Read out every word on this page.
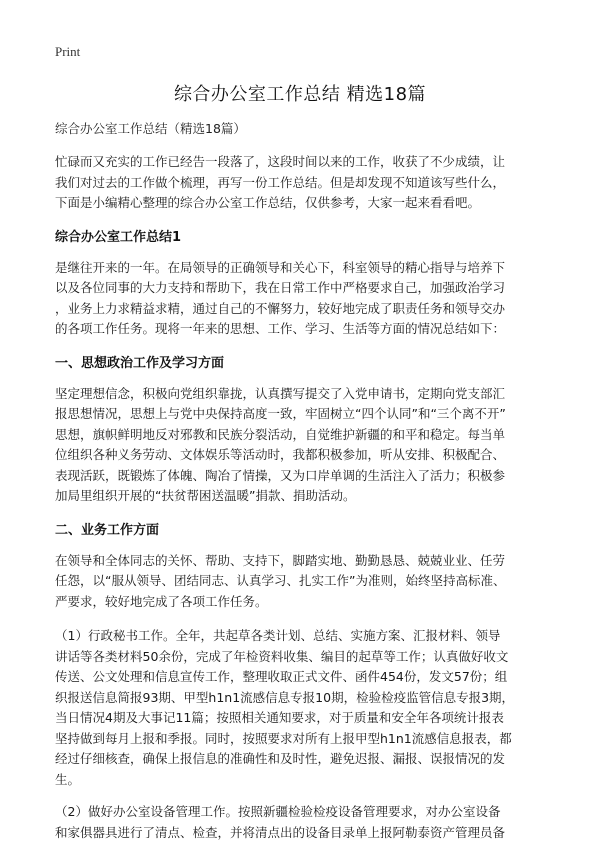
Print
综合办公室工作总结 精选18篇
综合办公室工作总结（精选18篇）
忙碌而又充实的工作已经告一段落了，这段时间以来的工作，收获了不少成绩，让
我们对过去的工作做个梳理，再写一份工作总结。但是却发现不知道该写些什么，
下面是小编精心整理的综合办公室工作总结，仅供参考，大家一起来看看吧。
综合办公室工作总结1
是继往开来的一年。在局领导的正确领导和关心下，科室领导的精心指导与培养下
以及各位同事的大力支持和帮助下，我在日常工作中严格要求自己，加强政治学习
，业务上力求精益求精，通过自己的不懈努力，较好地完成了职责任务和领导交办
的各项工作任务。现将一年来的思想、工作、学习、生活等方面的情况总结如下：
一、思想政治工作及学习方面
坚定理想信念，积极向党组织靠拢，认真撰写提交了入党申请书，定期向党支部汇
报思想情况，思想上与党中央保持高度一致，牢固树立“四个认同”和“三个离不开”
思想，旗帜鲜明地反对邪教和民族分裂活动，自觉维护新疆的和平和稳定。每当单
位组织各种义务劳动、文体娱乐等活动时，我都积极参加，听从安排、积极配合、
表现活跃，既锻炼了体魄、陶冶了情操，又为口岸单调的生活注入了活力；积极参
加局里组织开展的“扶贫帮困送温暖”捐款、捐助活动。
二、业务工作方面
在领导和全体同志的关怀、帮助、支持下，脚踏实地、勤勤恳恳、兢兢业业、任劳
任怨，以“服从领导、团结同志、认真学习、扎实工作”为准则，始终坚持高标准、
严要求，较好地完成了各项工作任务。
（1）行政秘书工作。全年，共起草各类计划、总结、实施方案、汇报材料、领导
讲话等各类材料50余份，完成了年检资料收集、编目的起草等工作；认真做好收文
传送、公文处理和信息宣传工作，整理收取正式文件、函件454份，发文57份；组
织报送信息简报93期、甲型h1n1流感信息专报10期，检验检疫监管信息专报3期，
当日情况4期及大事记11篇；按照相关通知要求，对于质量和安全年各项统计报表
坚持做到每月上报和季报。同时，按照要求对所有上报甲型h1n1流感信息报表，都
经过仔细核查，确保上报信息的准确性和及时性，避免迟报、漏报、误报情况的发
生。
（2）做好办公室设备管理工作。按照新疆检验检疫设备管理要求，对办公室设备
和家俱器具进行了清点、检查，并将清点出的设备目录单上报阿勒泰资产管理员备
